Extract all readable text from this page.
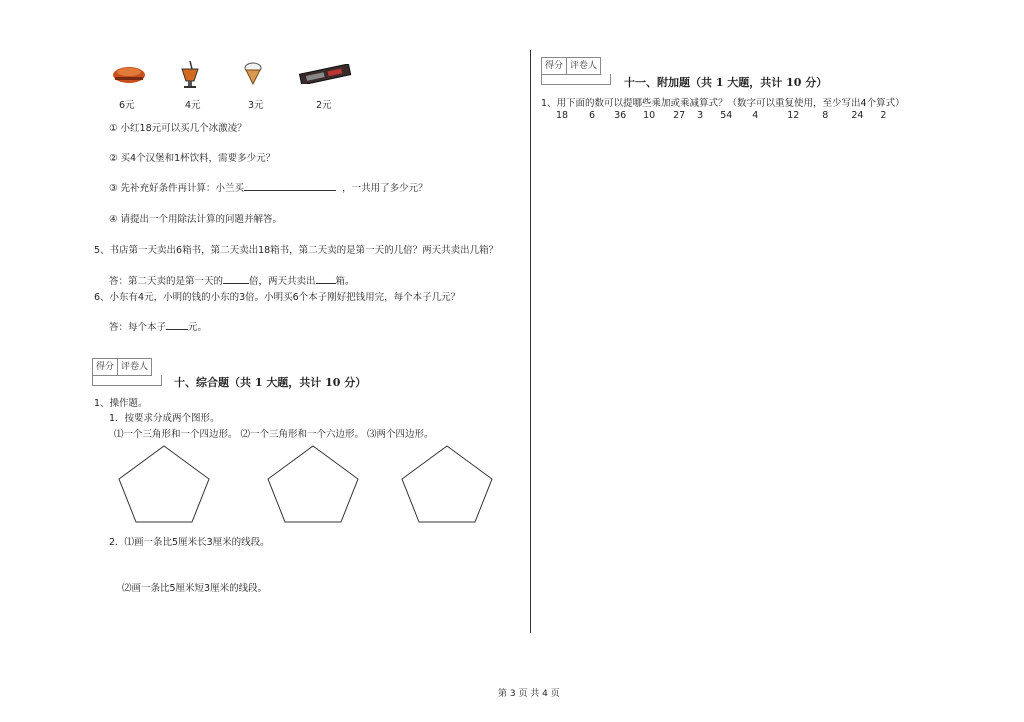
6元	4元	3元	2元
① 小红18元可以买几个冰激凌？
② 买4个汉堡和1杯饮料，需要多少元？
③ 先补充好条件再计算：小兰买	，一共用了多少元？
④ 请提出一个用除法计算的问题并解答。
5、书店第一天卖出6箱书，第二天卖出18箱书，第二天卖的是第一天的几倍？两天共卖出几箱？
答：第二天卖的是第一天的	倍，两天共卖出 箱。
6、小东有4元，小明的钱的小东的3倍。小明买6个本子刚好把钱用完，每个本子几元？
答：每个本子 元。
得分 评卷人
十、综合题（共 1 大题，共计 10 分）
1、操作题。
1．按要求分成两个图形。
⑴一个三角形和一个四边形。 ⑵一个三角形和一个六边形。 ⑶两个四边形。
2．⑴画一条比5厘米长3厘米的线段。
⑵画一条比5厘米短3厘米的线段。
得分 评卷人
十一、附加题（共 1 大题，共计 10 分）
1、用下面的数可以提哪些乘加或乘减算式？（数字可以重复使用，至少写出4个算式）
18 6 36 10 27 3 54 4	12 8 24 2
第 3 页 共 4 页
